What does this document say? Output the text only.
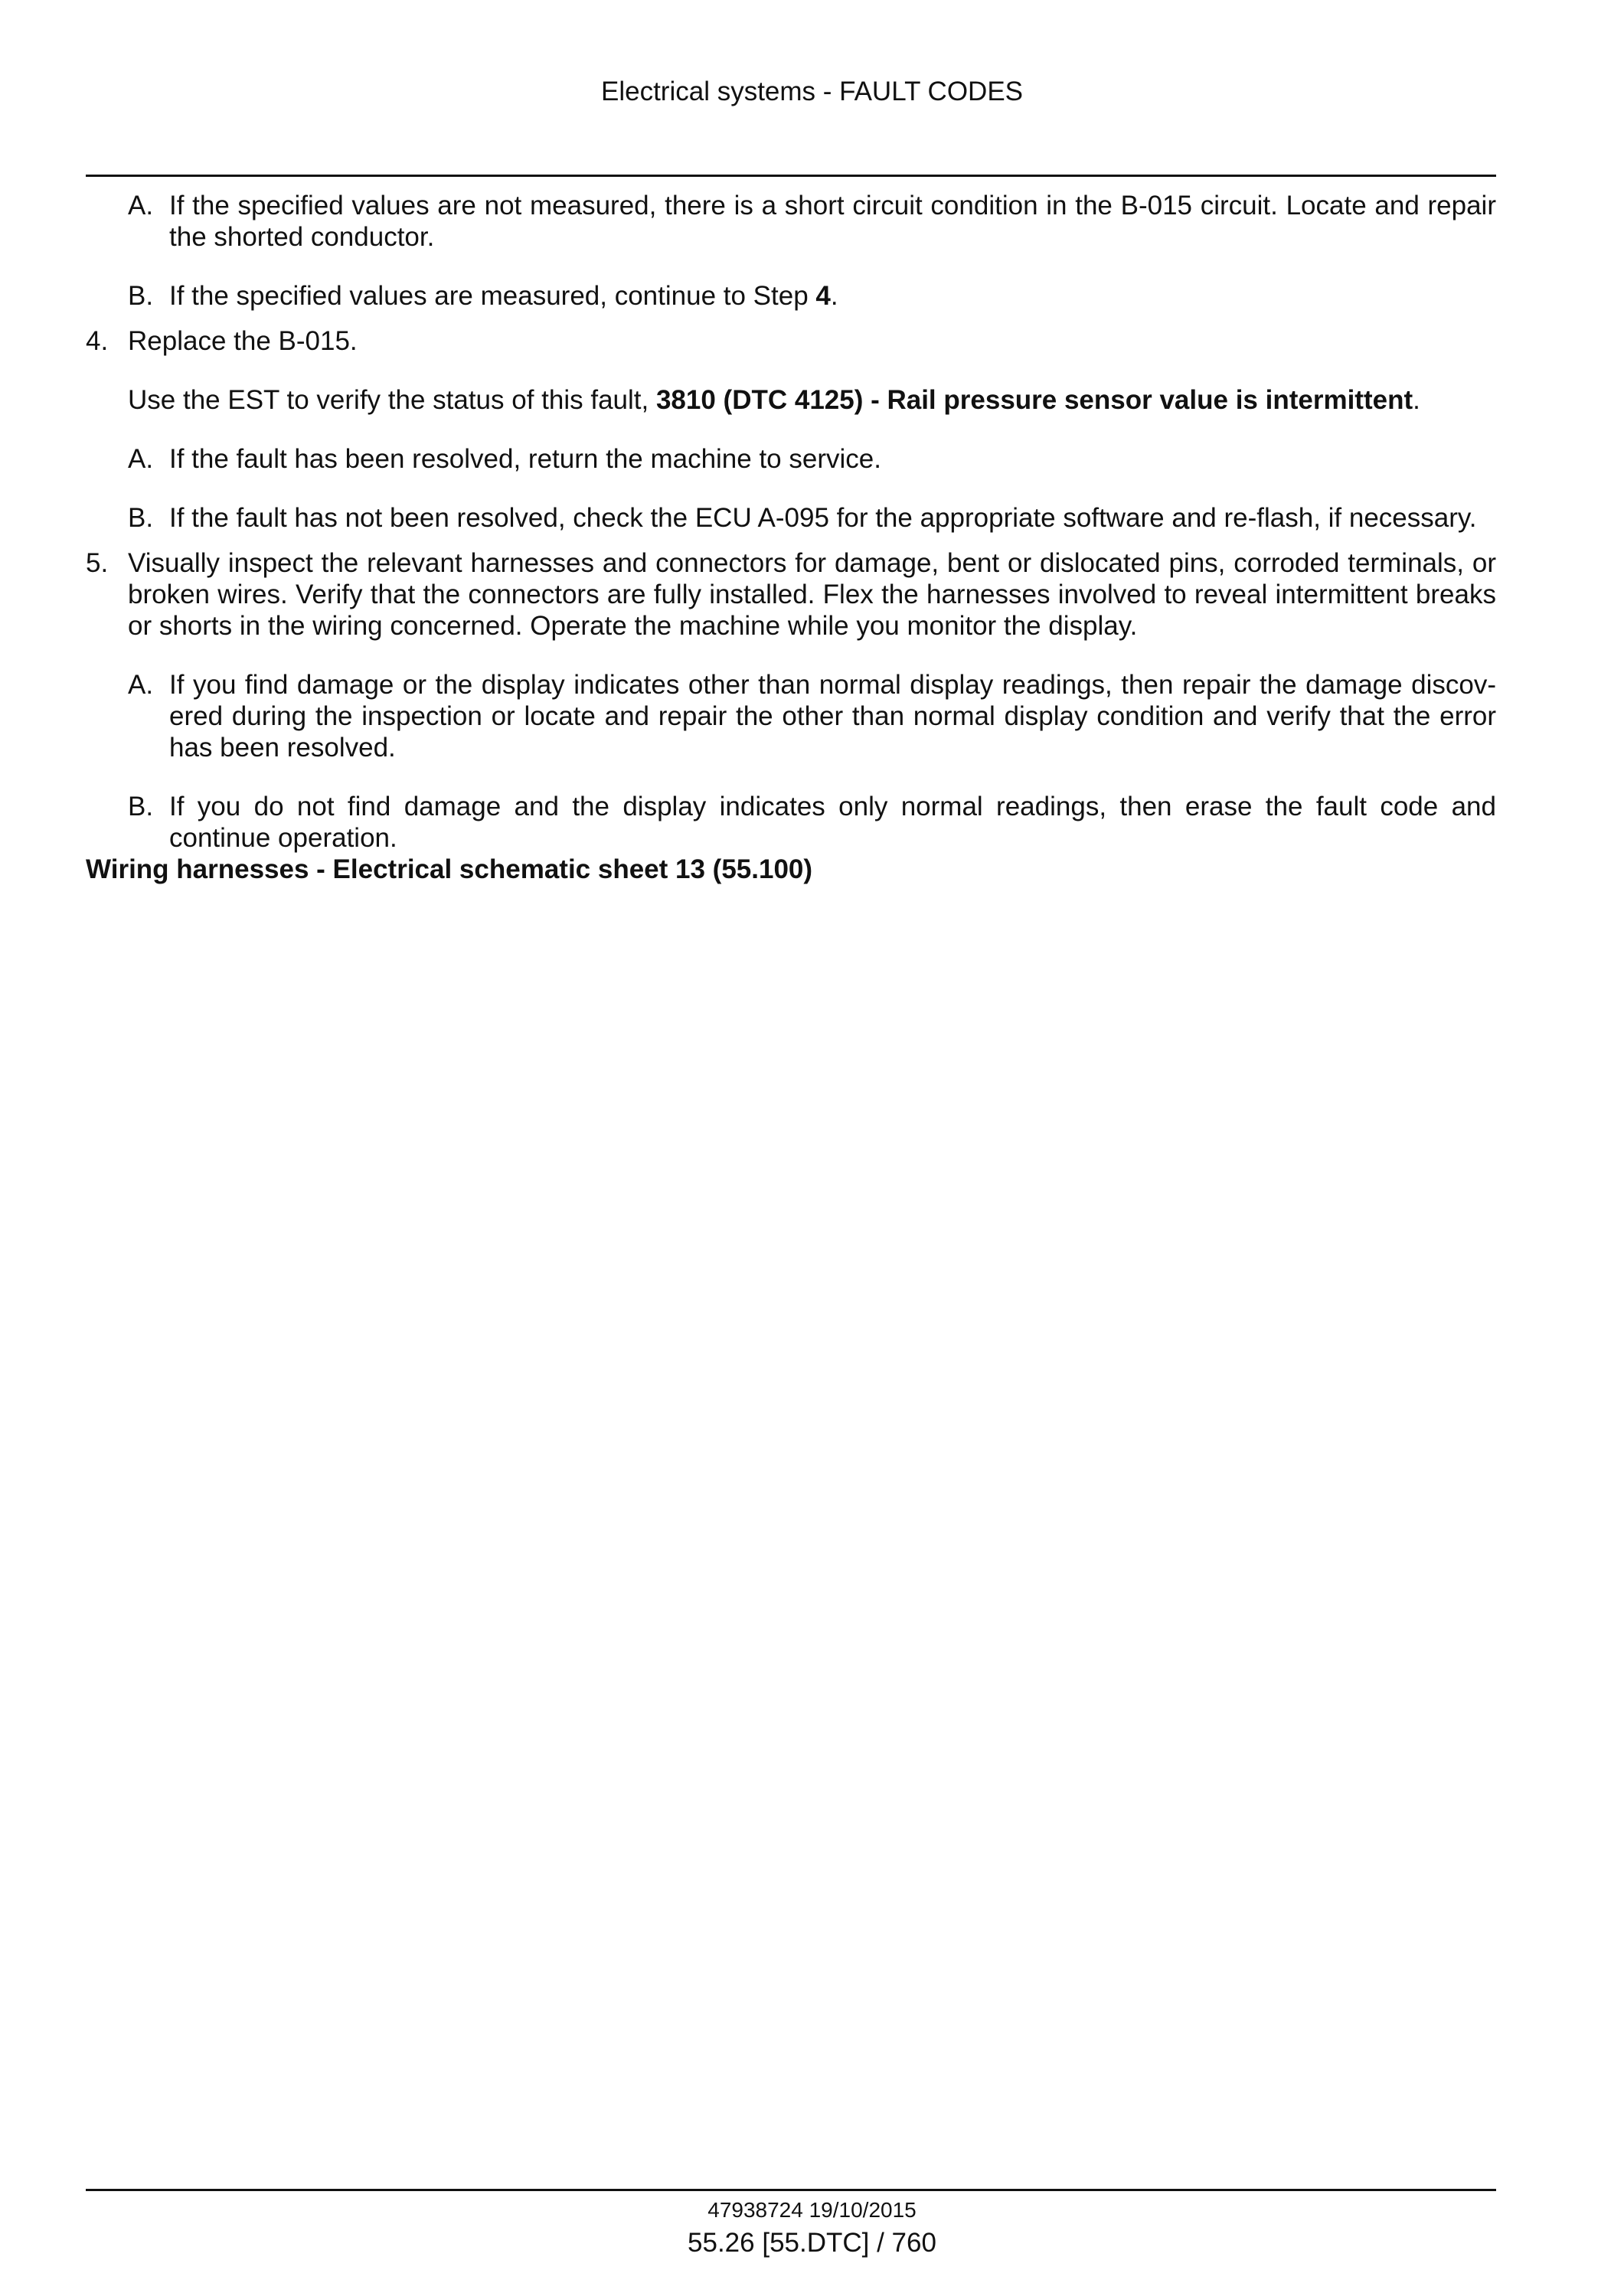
Electrical systems - FAULT CODES
A. If the specified values are not measured, there is a short circuit condition in the B-015 circuit. Locate and repair the shorted conductor.
B. If the specified values are measured, continue to Step 4.
4. Replace the B-015.
Use the EST to verify the status of this fault, 3810 (DTC 4125) - Rail pressure sensor value is intermittent.
A. If the fault has been resolved, return the machine to service.
B. If the fault has not been resolved, check the ECU A-095 for the appropriate software and re-flash, if necessary.
5. Visually inspect the relevant harnesses and connectors for damage, bent or dislocated pins, corroded terminals, or broken wires. Verify that the connectors are fully installed. Flex the harnesses involved to reveal intermittent breaks or shorts in the wiring concerned. Operate the machine while you monitor the display.
A. If you find damage or the display indicates other than normal display readings, then repair the damage discov-ered during the inspection or locate and repair the other than normal display condition and verify that the error has been resolved.
B. If you do not find damage and the display indicates only normal readings, then erase the fault code and continue operation.
Wiring harnesses - Electrical schematic sheet 13 (55.100)
47938724 19/10/2015
55.26 [55.DTC] / 760
